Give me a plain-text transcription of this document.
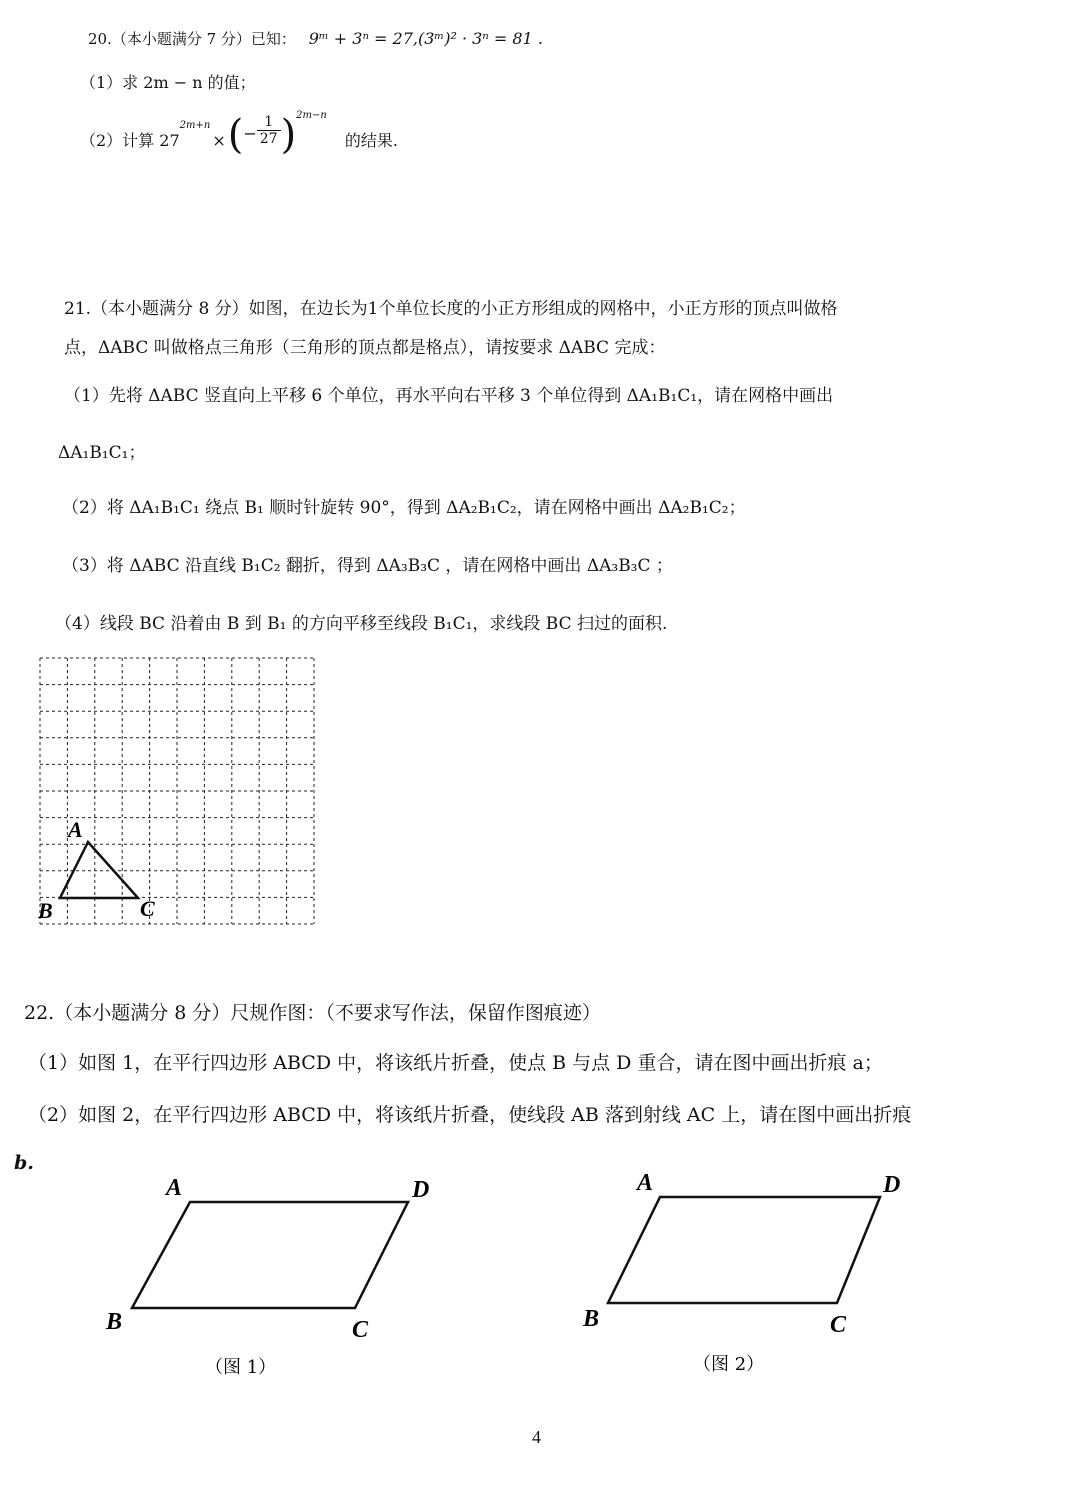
20.（本小题满分 7 分）已知： 9ᵐ + 3ⁿ = 27,(3ᵐ)² · 3ⁿ = 81 .
（1）求 2m − n 的值；
（2）计算 $27^{2m+n}\times(- \frac{1}{27} )^{2m-n}$的结果.
21.（本小题满分 8 分）如图，在边长为1个单位长度的小正方形组成的网格中，小正方形的顶点叫做格
点，ΔABC 叫做格点三角形（三角形的顶点都是格点），请按要求 ΔABC 完成：
（1）先将 ΔABC 竖直向上平移 6 个单位，再水平向右平移 3 个单位得到 ΔA₁B₁C₁，请在网格中画出
ΔA₁B₁C₁；
（2）将 ΔA₁B₁C₁ 绕点 B₁ 顺时针旋转 90°，得到 ΔA₂B₁C₂，请在网格中画出 ΔA₂B₁C₂；
（3）将 ΔABC 沿直线 B₁C₂ 翻折，得到 ΔA₃B₃C ，请在网格中画出 ΔA₃B₃C ；
（4）线段 BC 沿着由 B 到 B₁ 的方向平移至线段 B₁C₁，求线段 BC 扫过的面积.
A
B	C
22.（本小题满分 8 分）尺规作图：（不要求写作法，保留作图痕迹）
（1）如图 1，在平行四边形 ABCD 中，将该纸片折叠，使点 B 与点 D 重合，请在图中画出折痕 a；
（2）如图 2，在平行四边形 ABCD 中，将该纸片折叠，使线段 AB 落到射线 AC 上，请在图中画出折痕
b.
A	D
B	C
（图 1）
A	D
B	C
（图 2）
4
